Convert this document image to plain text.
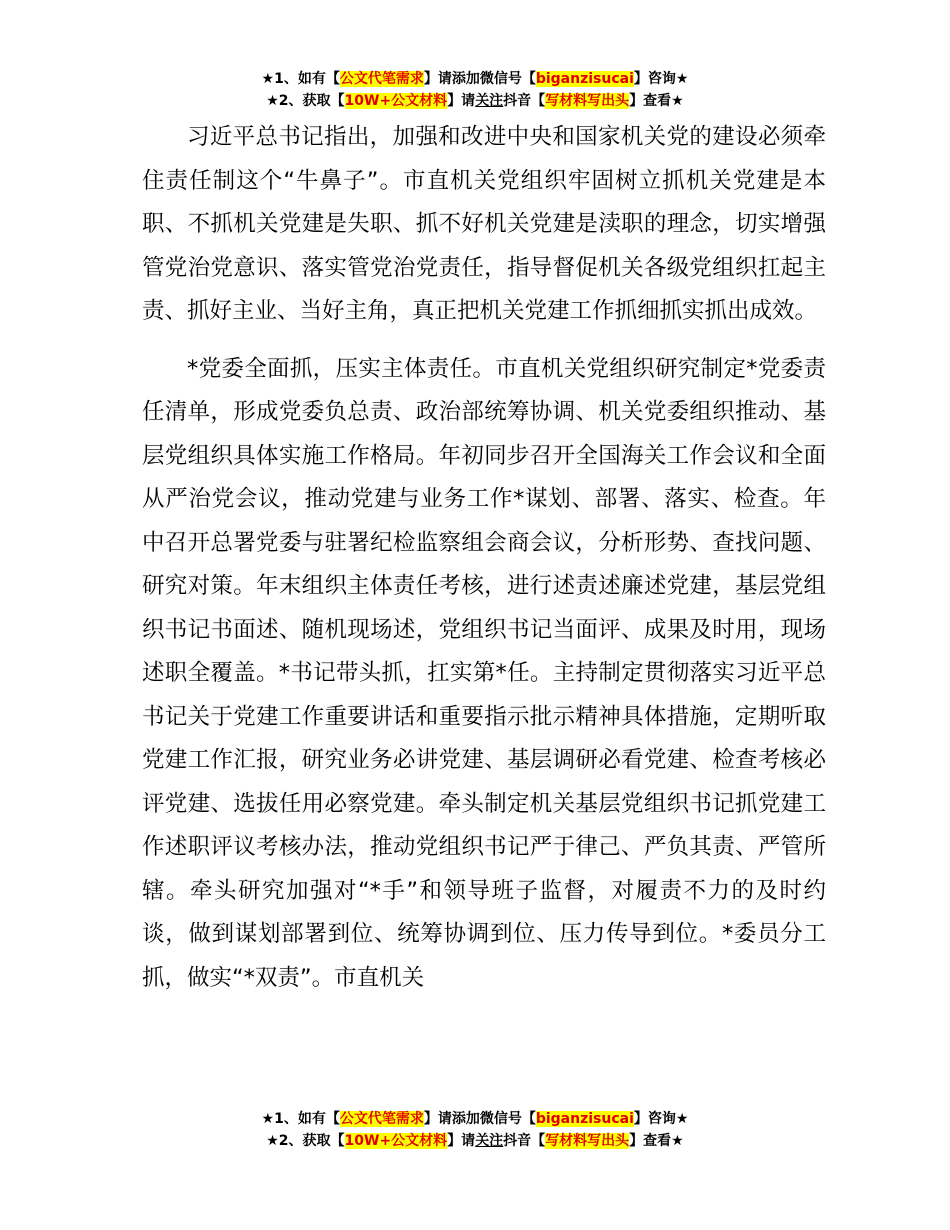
★1、如有【公文代笔需求】请添加微信号【biganzisucai】咨询★
★2、获取【10W+公文材料】请关注抖音【写材料写出头】查看★

习近平总书记指出，加强和改进中央和国家机关党的建设必须牵住责任制这个“牛鼻子”。市直机关党组织牢固树立抓机关党建是本职、不抓机关党建是失职、抓不好机关党建是渎职的理念，切实增强管党治党意识、落实管党治党责任，指导督促机关各级党组织扛起主责、抓好主业、当好主角，真正把机关党建工作抓细抓实抓出成效。

*党委全面抓，压实主体责任。市直机关党组织研究制定*党委责任清单，形成党委负总责、政治部统筹协调、机关党委组织推动、基层党组织具体实施工作格局。年初同步召开全国海关工作会议和全面从严治党会议，推动党建与业务工作*谋划、部署、落实、检查。年中召开总署党委与驻署纪检监察组会商会议，分析形势、查找问题、研究对策。年末组织主体责任考核，进行述责述廉述党建，基层党组织书记书面述、随机现场述，党组织书记当面评、成果及时用，现场述职全覆盖。*书记带头抓，扛实第*任。主持制定贯彻落实习近平总书记关于党建工作重要讲话和重要指示批示精神具体措施，定期听取党建工作汇报，研究业务必讲党建、基层调研必看党建、检查考核必评党建、选拔任用必察党建。牵头制定机关基层党组织书记抓党建工作述职评议考核办法，推动党组织书记严于律己、严负其责、严管所辖。牵头研究加强对“*手”和领导班子监督，对履责不力的及时约谈，做到谋划部署到位、统筹协调到位、压力传导到位。*委员分工抓，做实“*双责”。市直机关

★1、如有【公文代笔需求】请添加微信号【biganzisucai】咨询★
★2、获取【10W+公文材料】请关注抖音【写材料写出头】查看★
